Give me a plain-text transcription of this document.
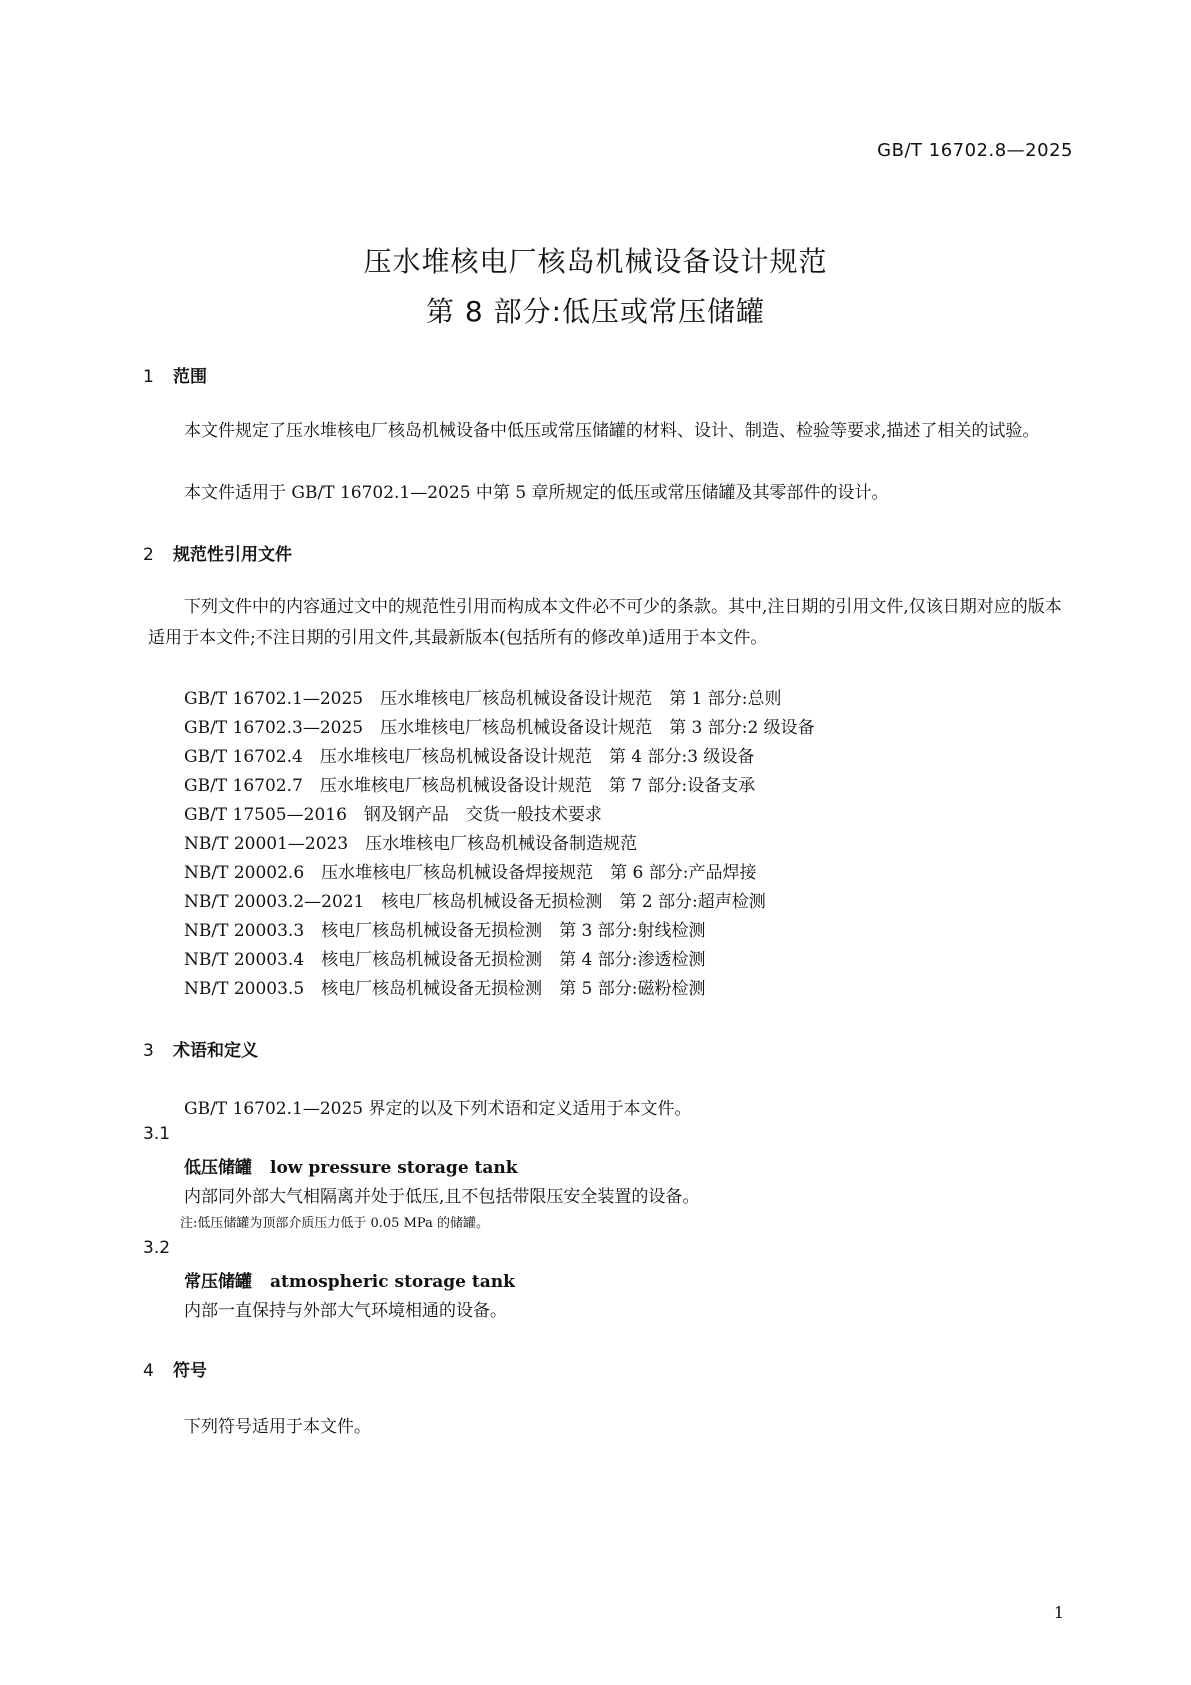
GB/T 16702.8—2025
压水堆核电厂核岛机械设备设计规范
第 8 部分:低压或常压储罐
1 范围
本文件规定了压水堆核电厂核岛机械设备中低压或常压储罐的材料、设计、制造、检验等要求,描述了相关的试验。
本文件适用于 GB/T 16702.1—2025 中第 5 章所规定的低压或常压储罐及其零部件的设计。
2 规范性引用文件
下列文件中的内容通过文中的规范性引用而构成本文件必不可少的条款。其中,注日期的引用文件,仅该日期对应的版本适用于本文件;不注日期的引用文件,其最新版本(包括所有的修改单)适用于本文件。
GB/T 16702.1—2025　压水堆核电厂核岛机械设备设计规范　第 1 部分:总则
GB/T 16702.3—2025　压水堆核电厂核岛机械设备设计规范　第 3 部分:2 级设备
GB/T 16702.4　压水堆核电厂核岛机械设备设计规范　第 4 部分:3 级设备
GB/T 16702.7　压水堆核电厂核岛机械设备设计规范　第 7 部分:设备支承
GB/T 17505—2016　钢及钢产品　交货一般技术要求
NB/T 20001—2023　压水堆核电厂核岛机械设备制造规范
NB/T 20002.6　压水堆核电厂核岛机械设备焊接规范　第 6 部分:产品焊接
NB/T 20003.2—2021　核电厂核岛机械设备无损检测　第 2 部分:超声检测
NB/T 20003.3　核电厂核岛机械设备无损检测　第 3 部分:射线检测
NB/T 20003.4　核电厂核岛机械设备无损检测　第 4 部分:渗透检测
NB/T 20003.5　核电厂核岛机械设备无损检测　第 5 部分:磁粉检测
3 术语和定义
GB/T 16702.1—2025 界定的以及下列术语和定义适用于本文件。
3.1
低压储罐 low pressure storage tank
内部同外部大气相隔离并处于低压,且不包括带限压安全装置的设备。
注:低压储罐为顶部介质压力低于 0.05 MPa 的储罐。
3.2
常压储罐 atmospheric storage tank
内部一直保持与外部大气环境相通的设备。
4 符号
下列符号适用于本文件。
1
